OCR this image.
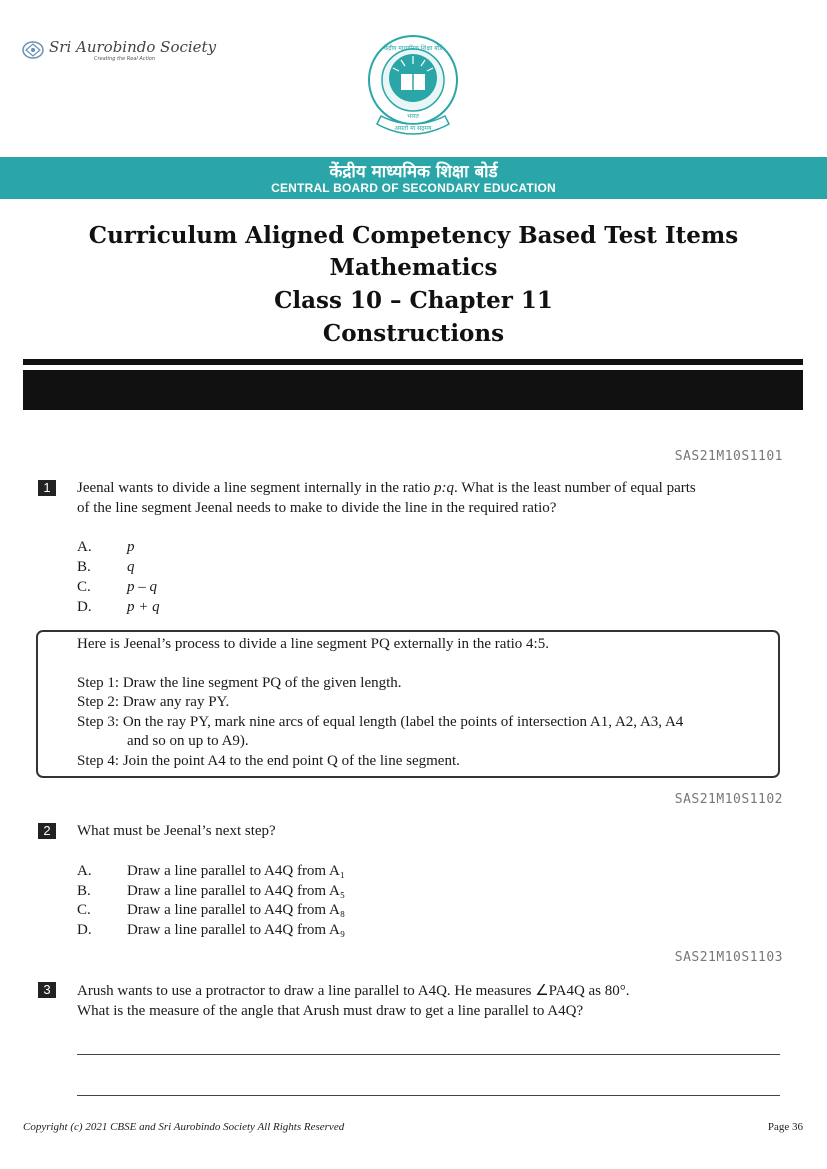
Sri Aurobindo Society
Creating the Real Action
केंद्रीय माध्यमिक शिक्षा बोर्ड
भारत
असतो मा सद्गमय
केंद्रीय माध्यमिक शिक्षा बोर्ड
CENTRAL BOARD OF SECONDARY EDUCATION
Curriculum Aligned Competency Based Test Items
Mathematics
Class 10 – Chapter 11
Constructions
SAS21M10S1101
1	Jeenal wants to divide a line segment internally in the ratio p:q. What is the least number of equal parts
of the line segment Jeenal needs to make to divide the line in the required ratio?
A. p
B. q
C. p – q
D. p + q
Here is Jeenal’s process to divide a line segment PQ externally in the ratio 4:5.
Step 1: Draw the line segment PQ of the given length.
Step 2: Draw any ray PY.
Step 3: On the ray PY, mark nine arcs of equal length (label the points of intersection A1, A2, A3, A4
and so on up to A9).
Step 4: Join the point A4 to the end point Q of the line segment.
SAS21M10S1102
2	What must be Jeenal’s next step?
A. Draw a line parallel to A4Q from A₁
B. Draw a line parallel to A4Q from A₅
C. Draw a line parallel to A4Q from A₈
D. Draw a line parallel to A4Q from A₉
SAS21M10S1103
3	Arush wants to use a protractor to draw a line parallel to A4Q. He measures ∠PA4Q as 80°.
What is the measure of the angle that Arush must draw to get a line parallel to A4Q?
Copyright (c) 2021 CBSE and Sri Aurobindo Society All Rights Reserved	Page 36
